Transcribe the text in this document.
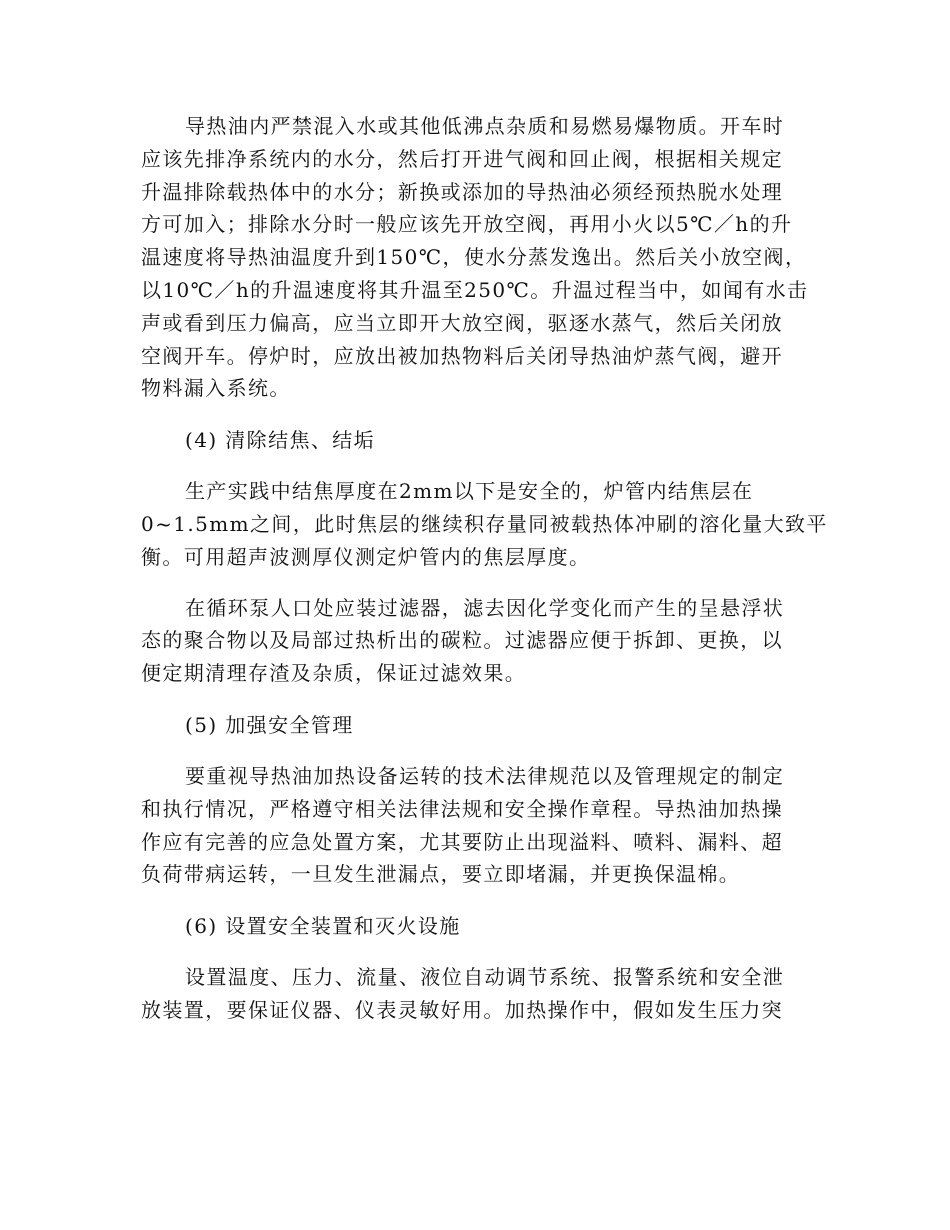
导热油内严禁混入水或其他低沸点杂质和易燃易爆物质。开车时
应该先排净系统内的水分，然后打开进气阀和回止阀，根据相关规定
升温排除载热体中的水分；新换或添加的导热油必须经预热脱水处理
方可加入；排除水分时一般应该先开放空阀，再用小火以5℃／h的升
温速度将导热油温度升到150℃，使水分蒸发逸出。然后关小放空阀，
以10℃／h的升温速度将其升温至250℃。升温过程当中，如闻有水击
声或看到压力偏高，应当立即开大放空阀，驱逐水蒸气，然后关闭放
空阀开车。停炉时，应放出被加热物料后关闭导热油炉蒸气阀，避开
物料漏入系统。
(4) 清除结焦、结垢
生产实践中结焦厚度在2mm以下是安全的，炉管内结焦层在
0~1.5mm之间，此时焦层的继续积存量同被载热体冲刷的溶化量大致平
衡。可用超声波测厚仪测定炉管内的焦层厚度。
在循环泵人口处应装过滤器，滤去因化学变化而产生的呈悬浮状
态的聚合物以及局部过热析出的碳粒。过滤器应便于拆卸、更换，以
便定期清理存渣及杂质，保证过滤效果。
(5) 加强安全管理
要重视导热油加热设备运转的技术法律规范以及管理规定的制定
和执行情况，严格遵守相关法律法规和安全操作章程。导热油加热操
作应有完善的应急处置方案，尤其要防止出现溢料、喷料、漏料、超
负荷带病运转，一旦发生泄漏点，要立即堵漏，并更换保温棉。
(6) 设置安全装置和灭火设施
设置温度、压力、流量、液位自动调节系统、报警系统和安全泄
放装置，要保证仪器、仪表灵敏好用。加热操作中，假如发生压力突
